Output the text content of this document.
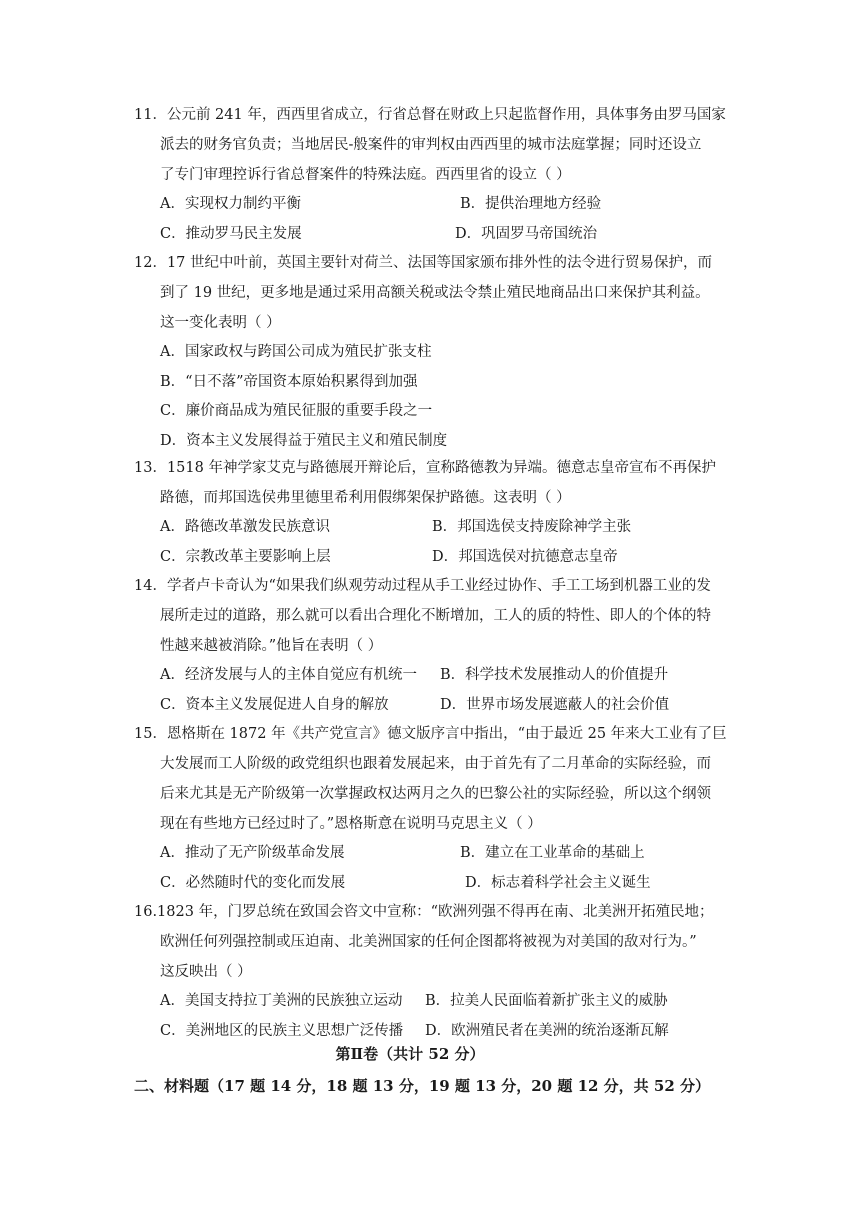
11．公元前 241 年，西西里省成立，行省总督在财政上只起监督作用，具体事务由罗马国家
派去的财务官负责；当地居民-般案件的审判权由西西里的城市法庭掌握；同时还设立
了专门审理控诉行省总督案件的特殊法庭。西西里省的设立（ ）

A．实现权力制约平衡	B．提供治理地方经验
C．推动罗马民主发展	D．巩固罗马帝国统治

12．17 世纪中叶前，英国主要针对荷兰、法国等国家颁布排外性的法令进行贸易保护，而
到了 19 世纪，更多地是通过采用高额关税或法令禁止殖民地商品出口来保护其利益。
这一变化表明（ ）

A．国家政权与跨国公司成为殖民扩张支柱
B．“日不落”帝国资本原始积累得到加强
C．廉价商品成为殖民征服的重要手段之一
D．资本主义发展得益于殖民主义和殖民制度

13．1518 年神学家艾克与路德展开辩论后，宣称路德教为异端。德意志皇帝宣布不再保护
路德，而邦国选侯弗里德里希利用假绑架保护路德。这表明（ ）

A．路德改革激发民族意识	B．邦国选侯支持废除神学主张
C．宗教改革主要影响上层	D．邦国选侯对抗德意志皇帝

14．学者卢卡奇认为“如果我们纵观劳动过程从手工业经过协作、手工工场到机器工业的发
展所走过的道路，那么就可以看出合理化不断增加，工人的质的特性、即人的个体的特
性越来越被消除。”他旨在表明（ ）

A．经济发展与人的主体自觉应有机统一 B．科学技术发展推动人的价值提升
C．资本主义发展促进人自身的解放	D．世界市场发展遮蔽人的社会价值

15．恩格斯在 1872 年《共产党宣言》德文版序言中指出，“由于最近 25 年来大工业有了巨
大发展而工人阶级的政党组织也跟着发展起来，由于首先有了二月革命的实际经验，而
后来尤其是无产阶级第一次掌握政权达两月之久的巴黎公社的实际经验，所以这个纲领
现在有些地方已经过时了。”恩格斯意在说明马克思主义（ ）

A．推动了无产阶级革命发展	B．建立在工业革命的基础上
C．必然随时代的变化而发展	D．标志着科学社会主义诞生

16.1823 年，门罗总统在致国会咨文中宣称：“欧洲列强不得再在南、北美洲开拓殖民地；
欧洲任何列强控制或压迫南、北美洲国家的任何企图都将被视为对美国的敌对行为。”
这反映出（ ）

A．美国支持拉丁美洲的民族独立运动 B．拉美人民面临着新扩张主义的威胁
C．美洲地区的民族主义思想广泛传播 D．欧洲殖民者在美洲的统治逐渐瓦解
第Ⅱ卷（共计 52 分）
二、材料题（17 题 14 分，18 题 13 分，19 题 13 分，20 题 12 分，共 52 分）
